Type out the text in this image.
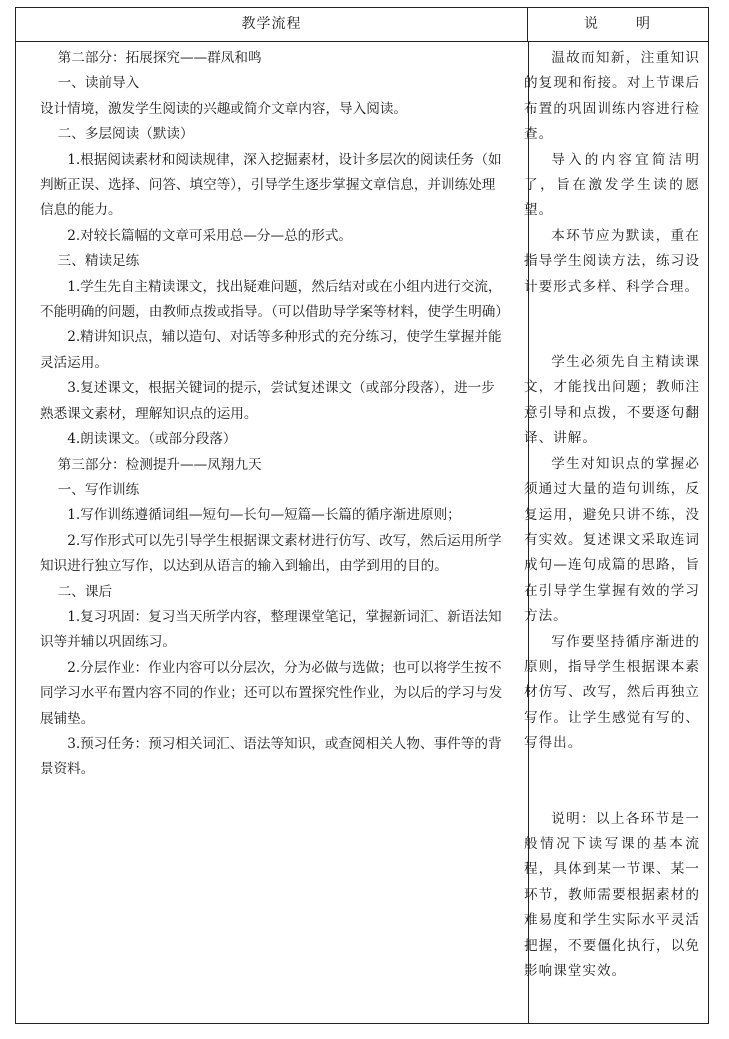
教学流程	说　明

第二部分：拓展探究——群凤和鸣

一、读前导入

设计情境，激发学生阅读的兴趣或简介文章内容，导入阅读。

二、多层阅读（默读）

1.根据阅读素材和阅读规律，深入挖掘素材，设计多层次的阅读任务（如判断正误、选择、问答、填空等），引导学生逐步掌握文章信息，并训练处理信息的能力。

2.对较长篇幅的文章可采用总—分—总的形式。

三、精读足练

1.学生先自主精读课文，找出疑难问题，然后结对或在小组内进行交流，不能明确的问题，由教师点拨或指导。（可以借助导学案等材料，使学生明确）

2.精讲知识点，辅以造句、对话等多种形式的充分练习，使学生掌握并能灵活运用。

3.复述课文，根据关键词的提示，尝试复述课文（或部分段落），进一步熟悉课文素材，理解知识点的运用。

4.朗读课文。（或部分段落）

第三部分：检测提升——凤翔九天

一、写作训练

1.写作训练遵循词组—短句—长句—短篇—长篇的循序渐进原则；

2.写作形式可以先引导学生根据课文素材进行仿写、改写，然后运用所学知识进行独立写作，以达到从语言的输入到输出，由学到用的目的。

二、课后

1.复习巩固：复习当天所学内容，整理课堂笔记，掌握新词汇、新语法知识等并辅以巩固练习。

2.分层作业：作业内容可以分层次，分为必做与选做；也可以将学生按不同学习水平布置内容不同的作业；还可以布置探究性作业，为以后的学习与发展铺垫。

3.预习任务：预习相关词汇、语法等知识，或查阅相关人物、事件等的背景资料。

温故而知新，注重知识的复现和衔接。对上节课后布置的巩固训练内容进行检查。

导入的内容宜简洁明了，旨在激发学生读的愿望。

本环节应为默读，重在指导学生阅读方法，练习设计要形式多样、科学合理。

学生必须先自主精读课文，才能找出问题；教师注意引导和点拨，不要逐句翻译、讲解。

学生对知识点的掌握必须通过大量的造句训练，反复运用，避免只讲不练，没有实效。复述课文采取连词成句—连句成篇的思路，旨在引导学生掌握有效的学习方法。

写作要坚持循序渐进的原则，指导学生根据课本素材仿写、改写，然后再独立写作。让学生感觉有写的、写得出。

说明：以上各环节是一般情况下读写课的基本流程，具体到某一节课、某一环节，教师需要根据素材的难易度和学生实际水平灵活把握，不要僵化执行，以免影响课堂实效。
